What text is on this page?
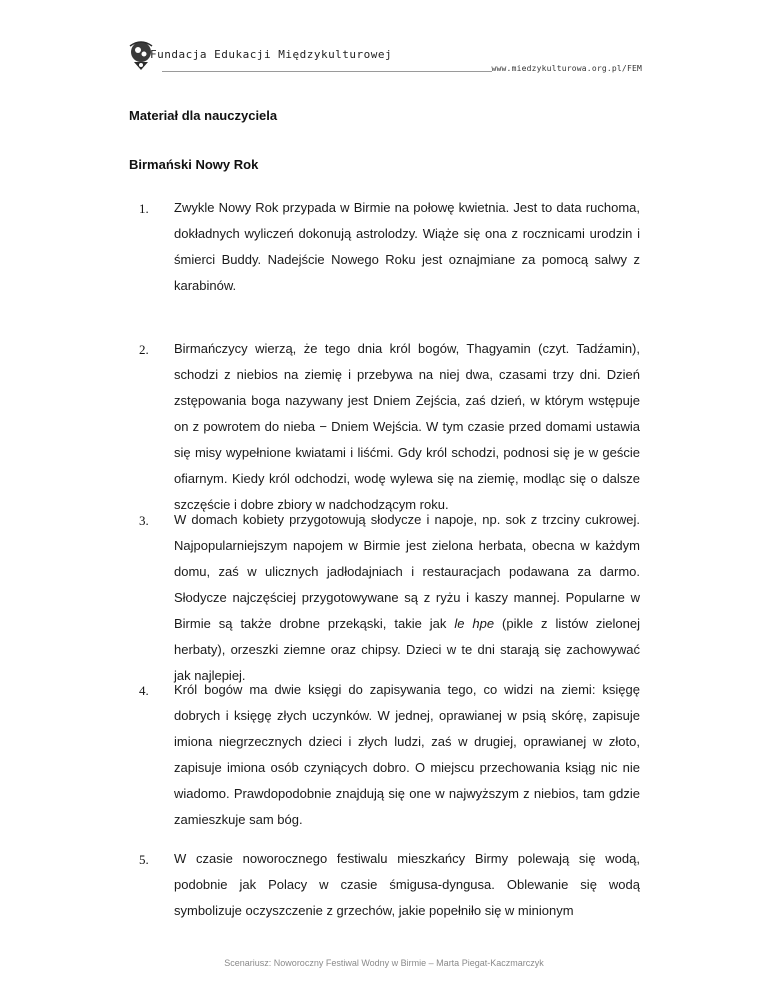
Fundacja Edukacji Międzykulturowej
www.miedzykulturowa.org.pl/FEM
Materiał dla nauczyciela
Birmański Nowy Rok
1. Zwykle Nowy Rok przypada w Birmie na połowę kwietnia. Jest to data ruchoma, dokładnych wyliczeń dokonują astrolodzy. Wiąże się ona z rocznicami urodzin i śmierci Buddy. Nadejście Nowego Roku jest oznajmiane za pomocą salwy z karabinów.
2. Birmańczycy wierzą, że tego dnia król bogów, Thagyamin (czyt. Tadźamin), schodzi z niebios na ziemię i przebywa na niej dwa, czasami trzy dni. Dzień zstępowania boga nazywany jest Dniem Zejścia, zaś dzień, w którym wstępuje on z powrotem do nieba − Dniem Wejścia. W tym czasie przed domami ustawia się misy wypełnione kwiatami i liśćmi. Gdy król schodzi, podnosi się je w geście ofiarnym. Kiedy król odchodzi, wodę wylewa się na ziemię, modląc się o dalsze szczęście i dobre zbiory w nadchodzącym roku.
3. W domach kobiety przygotowują słodycze i napoje, np. sok z trzciny cukrowej. Najpopularniejszym napojem w Birmie jest zielona herbata, obecna w każdym domu, zaś w ulicznych jadłodajniach i restauracjach podawana za darmo. Słodycze najczęściej przygotowywane są z ryżu i kaszy mannej. Popularne w Birmie są także drobne przekąski, takie jak le hpe (pikle z listów zielonej herbaty), orzeszki ziemne oraz chipsy. Dzieci w te dni starają się zachowywać jak najlepiej.
4. Król bogów ma dwie księgi do zapisywania tego, co widzi na ziemi: księgę dobrych i księgę złych uczynków. W jednej, oprawianej w psią skórę, zapisuje imiona niegrzecznych dzieci i złych ludzi, zaś w drugiej, oprawianej w złoto, zapisuje imiona osób czyniących dobro. O miejscu przechowania ksiąg nic nie wiadomo. Prawdopodobnie znajdują się one w najwyższym z niebios, tam gdzie zamieszkuje sam bóg.
5. W czasie noworocznego festiwalu mieszkańcy Birmy polewają się wodą, podobnie jak Polacy w czasie śmigusa-dyngusa. Oblewanie się wodą symbolizuje oczyszczenie z grzechów, jakie popełniło się w minionym
Scenariusz: Noworoczny Festiwal Wodny w Birmie – Marta Piegat-Kaczmarczyk
